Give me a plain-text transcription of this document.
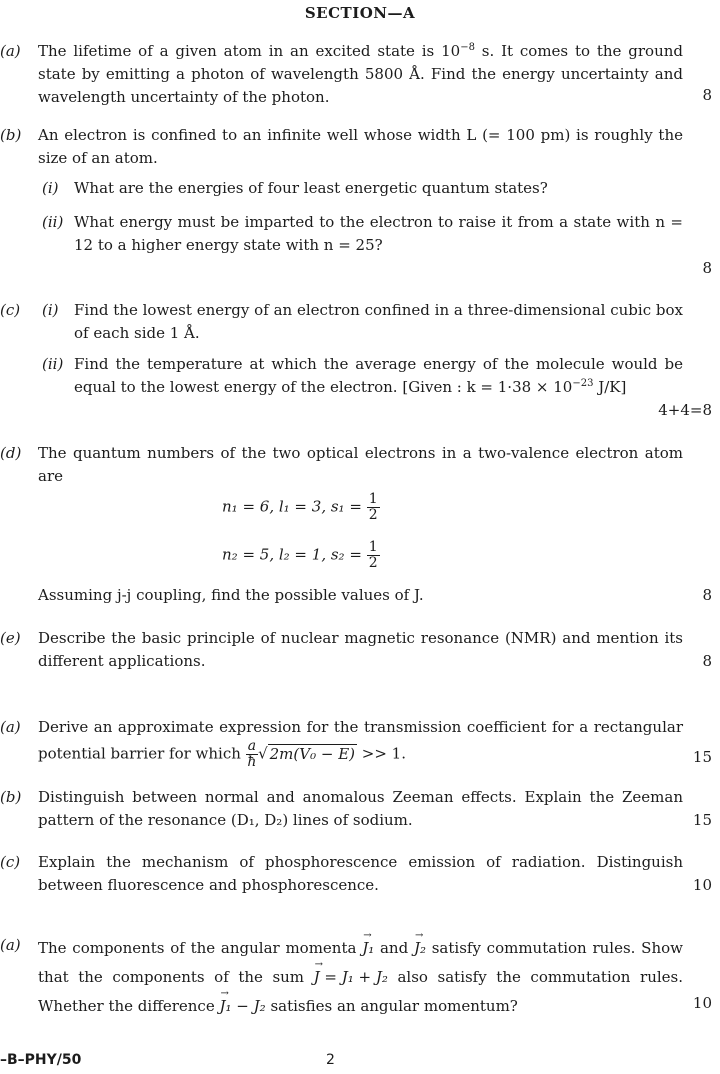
SECTION—A
(a)	The lifetime of a given atom in an excited state is $10^{-8}$ s. It comes to the ground state by emitting a photon of wavelength 5800 Å. Find the energy uncertainty and wavelength uncertainty of the photon.	8
(b)	An electron is confined to an infinite well whose width L (= 100 pm) is roughly the size of an atom.
(i) What are the energies of four least energetic quantum states?
(ii) What energy must be imparted to the electron to raise it from a state with n = 12 to a higher energy state with n = 25?
8
(c)	(i) Find the lowest energy of an electron confined in a three-dimensional cubic box of each side 1 Å.
(ii) Find the temperature at which the average energy of the molecule would be equal to the lowest energy of the electron. [Given : $k = 1\cdot 38 \times 10^{-23}$ J/K]
4+4=8
(d)	The quantum numbers of the two optical electrons in a two-valence electron atom are
n₁ = 6, l₁ = 3, $s_1 = \frac{1}{2}$
n₂ = 5, l₂ = 1, $s_2 = \frac{1}{2}$
Assuming j-j coupling, find the possible values of J.	8
(e)	Describe the basic principle of nuclear magnetic resonance (NMR) and mention its different applications.	8
(a)	Derive an approximate expression for the transmission coefficient for a rectangular potential barrier for which $\frac{a}{ħ}$ √ 2m(V₀ − E) >> 1.	15
(b)	Distinguish between normal and anomalous Zeeman effects. Explain the Zeeman pattern of the resonance (D₁, D₂) lines of sodium.	15
(c)	Explain the mechanism of phosphorescence emission of radiation. Distinguish between fluorescence and phosphorescence.	10
(a)	The components of the angular momenta → J₁ and → J₂ satisfy commutation rules. Show that the components of the sum → J = J₁ + J₂ also satisfy the commutation rules. Whether the difference → J₁ − J₂ satisfies an angular momentum?	10
–B–PHY/50	2
